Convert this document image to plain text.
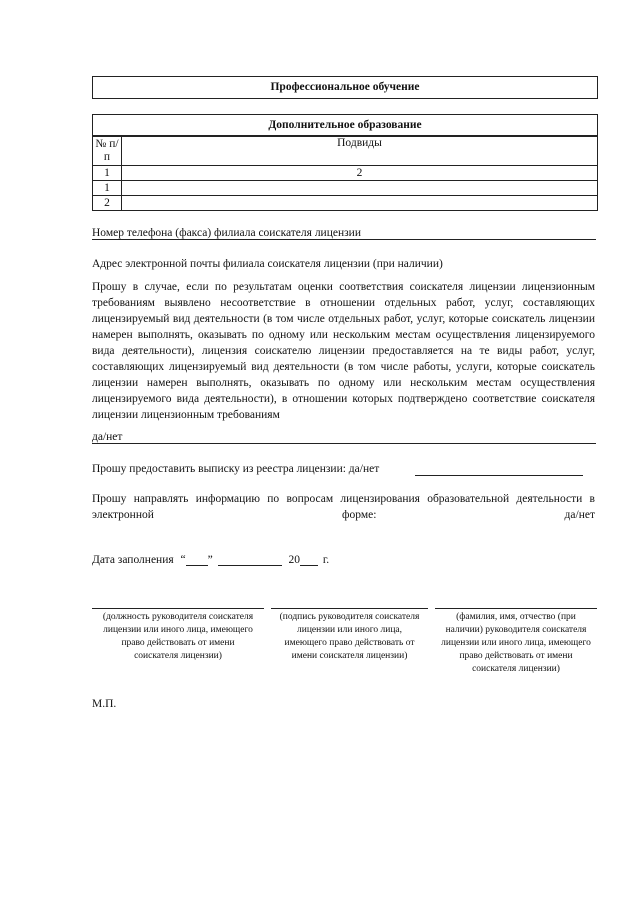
Профессиональное обучение
Дополнительное образование
№ п/п	Подвиды
1	2
1	
2	
Номер телефона (факса) филиала соискателя лицензии
Адрес электронной почты филиала соискателя лицензии (при наличии)
Прошу в случае, если по результатам оценки соответствия соискателя лицензии лицензионным требованиям выявлено несоответствие в отношении отдельных работ, услуг, составляющих лицензируемый вид деятельности (в том числе отдельных работ, услуг, которые соискатель лицензии намерен выполнять, оказывать по одному или нескольким местам осуществления лицензируемого вида деятельности), лицензия соискателю лицензии предоставляется на те виды работ, услуг, составляющих лицензируемый вид деятельности (в том числе работы, услуги, которые соискатель лицензии намерен выполнять, оказывать по одному или нескольким местам осуществления лицензируемого вида деятельности), в отношении которых подтверждено соответствие соискателя лицензии лицензионным требованиям
да/нет
Прошу предоставить выписку из реестра лицензии: да/нет
Прошу направлять информацию по вопросам лицензирования образовательной деятельности в электронной форме: да/нет
Дата заполнения “ ”	20 г.
(должность руководителя соискателя лицензии или иного лица, имеющего право действовать от имени соискателя лицензии)
(подпись руководителя соискателя лицензии или иного лица, имеющего право действовать от имени соискателя лицензии)
(фамилия, имя, отчество (при наличии) руководителя соискателя лицензии или иного лица, имеющего право действовать от имени соискателя лицензии)
М.П.
